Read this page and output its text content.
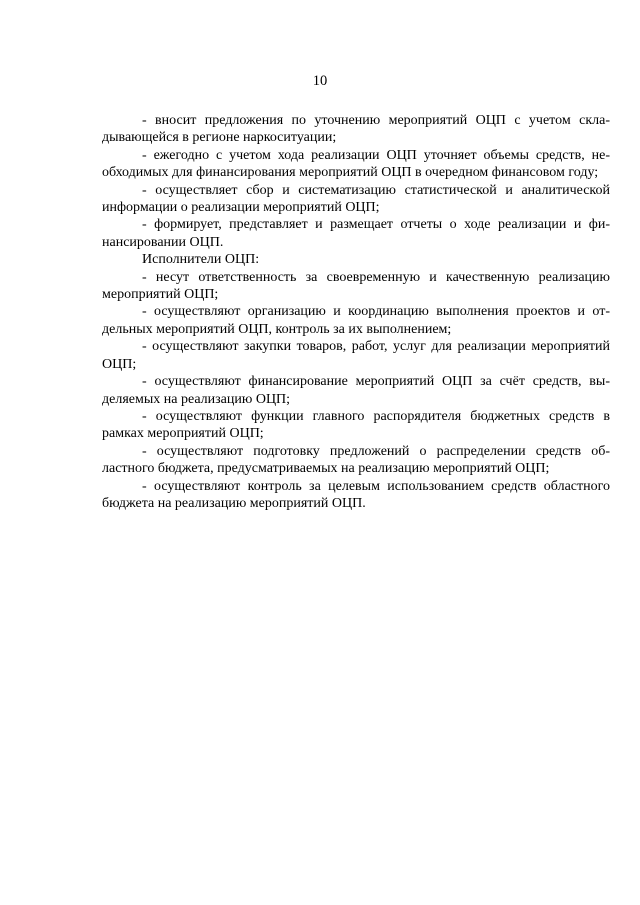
10

- вносит предложения по уточнению мероприятий ОЦП с учетом складывающейся в регионе наркоситуации;

- ежегодно с учетом хода реализации ОЦП уточняет объемы средств, необходимых для финансирования мероприятий ОЦП в очередном финансовом году;

- осуществляет сбор и систематизацию статистической и аналитической информации о реализации мероприятий ОЦП;

- формирует, представляет и размещает отчеты о ходе реализации и финансировании ОЦП.

Исполнители ОЦП:

- несут ответственность за своевременную и качественную реализацию мероприятий ОЦП;

- осуществляют организацию и координацию выполнения проектов и отдельных мероприятий ОЦП, контроль за их выполнением;

- осуществляют закупки товаров, работ, услуг для реализации мероприятий ОЦП;

- осуществляют финансирование мероприятий ОЦП за счёт средств, выделяемых на реализацию ОЦП;

- осуществляют функции главного распорядителя бюджетных средств в рамках мероприятий ОЦП;

- осуществляют подготовку предложений о распределении средств областного бюджета, предусматриваемых на реализацию мероприятий ОЦП;

- осуществляют контроль за целевым использованием средств областного бюджета на реализацию мероприятий ОЦП.
